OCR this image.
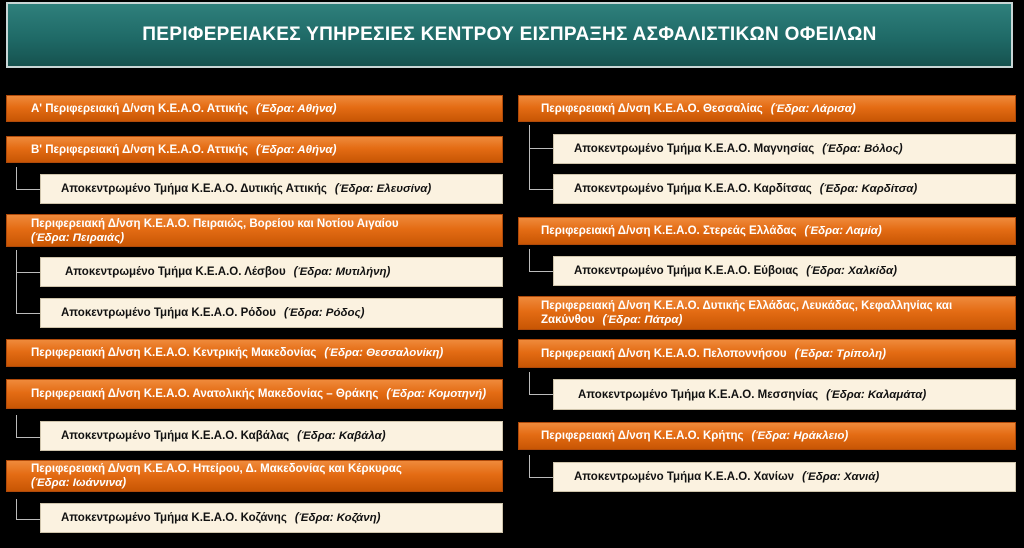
ΠΕΡΙΦΕΡΕΙΑΚΕΣ ΥΠΗΡΕΣΙΕΣ ΚΕΝΤΡΟΥ ΕΙΣΠΡΑΞΗΣ ΑΣΦΑΛΙΣΤΙΚΩΝ ΟΦΕΙΛΩΝ
Α' Περιφερειακή Δ/νση Κ.Ε.Α.Ο. Αττικής (Έδρα: Αθήνα)
Β' Περιφερειακή Δ/νση Κ.Ε.Α.Ο. Αττικής (Έδρα: Αθήνα)
Αποκεντρωμένο Τμήμα Κ.Ε.Α.Ο. Δυτικής Αττικής (Έδρα: Ελευσίνα)
Περιφερειακή Δ/νση Κ.Ε.Α.Ο. Πειραιώς, Βορείου και Νοτίου Αιγαίου
(Έδρα: Πειραιάς)
Αποκεντρωμένο Τμήμα Κ.Ε.Α.Ο. Λέσβου (Έδρα: Μυτιλήνη)
Αποκεντρωμένο Τμήμα Κ.Ε.Α.Ο. Ρόδου (Έδρα: Ρόδος)
Περιφερειακή Δ/νση Κ.Ε.Α.Ο. Κεντρικής Μακεδονίας (Έδρα: Θεσσαλονίκη)
Περιφερειακή Δ/νση Κ.Ε.Α.Ο. Ανατολικής Μακεδονίας – Θράκης (Έδρα: Κομοτηνή)
Αποκεντρωμένο Τμήμα Κ.Ε.Α.Ο. Καβάλας (Έδρα: Καβάλα)
Περιφερειακή Δ/νση Κ.Ε.Α.Ο. Ηπείρου, Δ. Μακεδονίας και Κέρκυρας
(Έδρα: Ιωάννινα)
Αποκεντρωμένο Τμήμα Κ.Ε.Α.Ο. Κοζάνης (Έδρα: Κοζάνη)
Περιφερειακή Δ/νση Κ.Ε.Α.Ο. Θεσσαλίας (Έδρα: Λάρισα)
Αποκεντρωμένο Τμήμα Κ.Ε.Α.Ο. Μαγνησίας (Έδρα: Βόλος)
Αποκεντρωμένο Τμήμα Κ.Ε.Α.Ο. Καρδίτσας (Έδρα: Καρδίτσα)
Περιφερειακή Δ/νση Κ.Ε.Α.Ο. Στερεάς Ελλάδας (Έδρα: Λαμία)
Αποκεντρωμένο Τμήμα Κ.Ε.Α.Ο. Εύβοιας (Έδρα: Χαλκίδα)
Περιφερειακή Δ/νση Κ.Ε.Α.Ο. Δυτικής Ελλάδας, Λευκάδας, Κεφαλληνίας και
Ζακύνθου (Έδρα: Πάτρα)
Περιφερειακή Δ/νση Κ.Ε.Α.Ο. Πελοποννήσου (Έδρα: Τρίπολη)
Αποκεντρωμένο Τμήμα Κ.Ε.Α.Ο. Μεσσηνίας (Έδρα: Καλαμάτα)
Περιφερειακή Δ/νση Κ.Ε.Α.Ο. Κρήτης (Έδρα: Ηράκλειο)
Αποκεντρωμένο Τμήμα Κ.Ε.Α.Ο. Χανίων (Έδρα: Χανιά)
